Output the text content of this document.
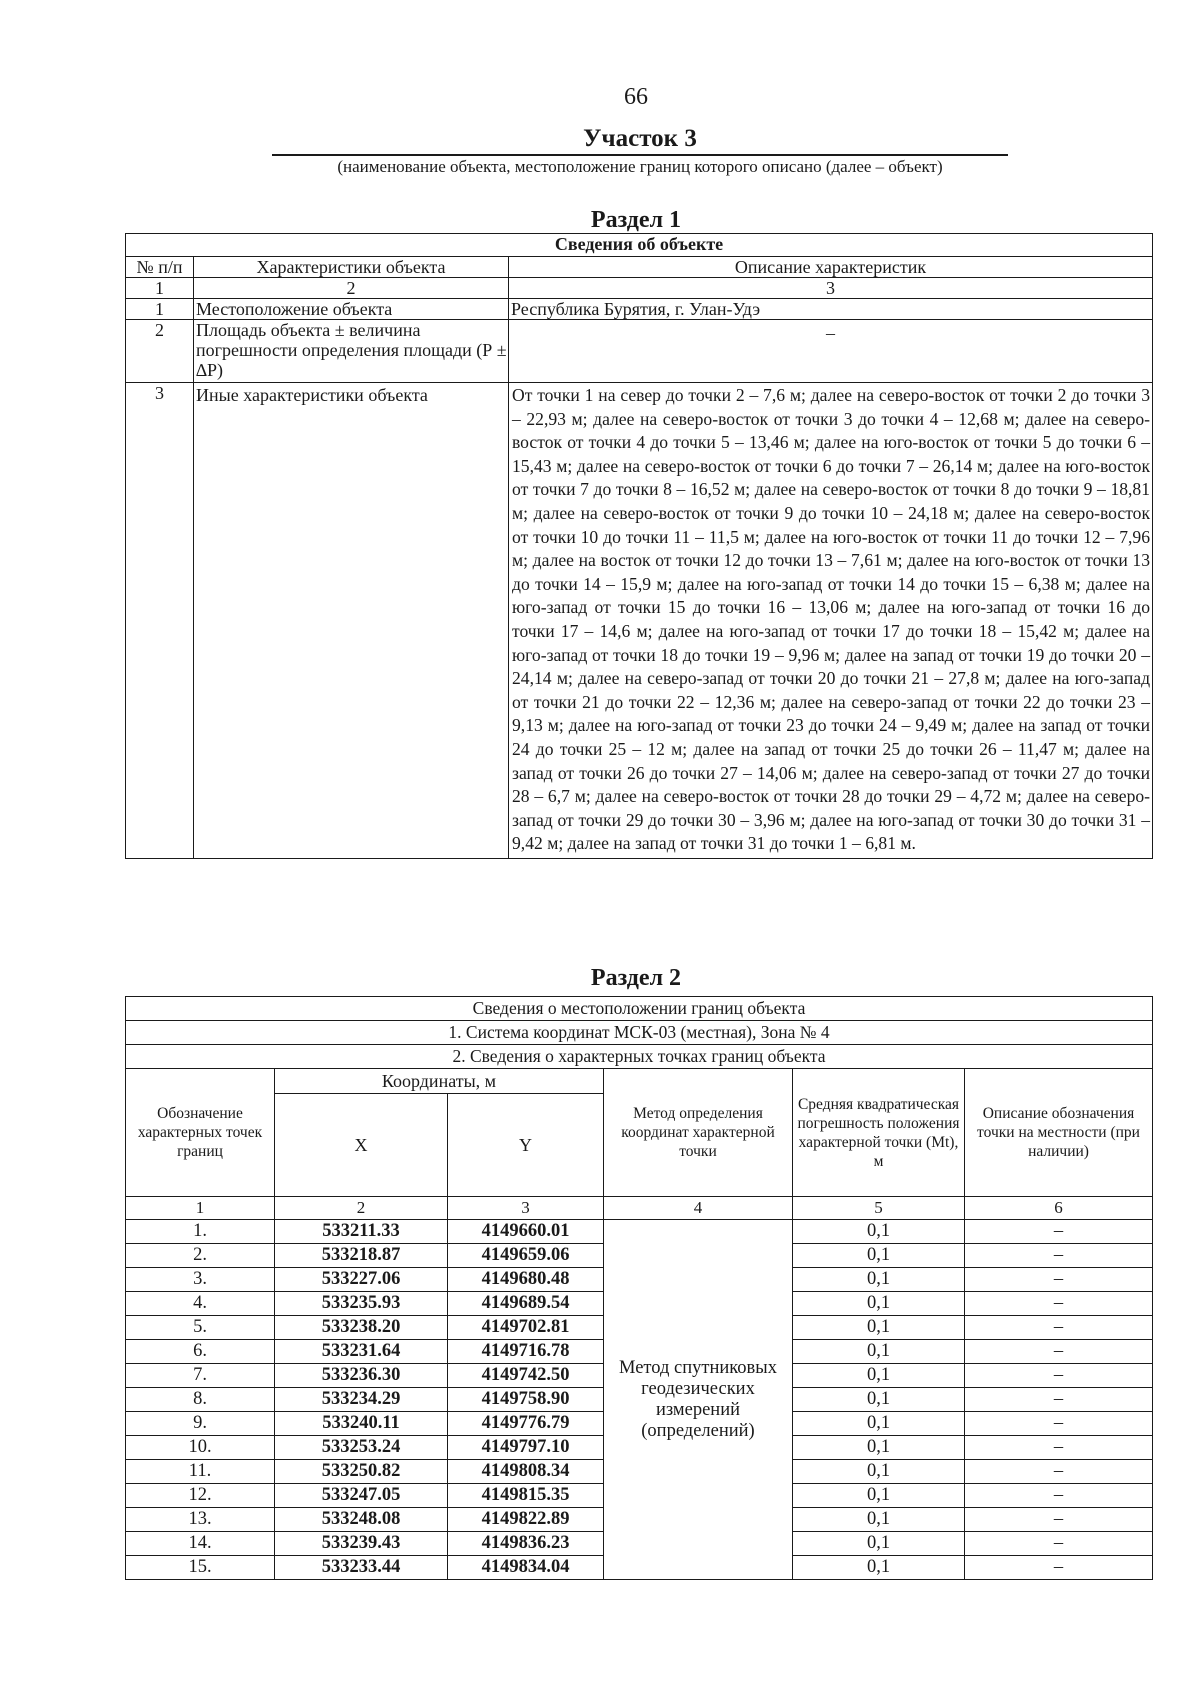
66
Участок 3
(наименование объекта, местоположение границ которого описано (далее – объект)
Раздел 1
Сведения об объекте		
№ п/п	Характеристики объекта	Описание характеристик
1	2	3
1	Местоположение объекта	Республика Бурятия, г. Улан-Удэ
2	Площадь объекта ± величина погрешности определения площади (Р ± ∆Р)	–
3	Иные характеристики объекта	От точки 1 на север до точки 2 – 7,6 м; далее на северо-восток от точки 2 до точки 3 – 22,93 м; далее на северо-восток от точки 3 до точки 4 – 12,68 м; далее на северо-восток от точки 4 до точки 5 – 13,46 м; далее на юго-восток от точки 5 до точки 6 – 15,43 м; далее на северо-восток от точки 6 до точки 7 – 26,14 м; далее на юго-восток от точки 7 до точки 8 – 16,52 м; далее на северо-восток от точки 8 до точки 9 – 18,81 м; далее на северо-восток от точки 9 до точки 10 – 24,18 м; далее на северо-восток от точки 10 до точки 11 – 11,5 м; далее на юго-восток от точки 11 до точки 12 – 7,96 м; далее на восток от точки 12 до точки 13 – 7,61 м; далее на юго-восток от точки 13 до точки 14 – 15,9 м; далее на юго-запад от точки 14 до точки 15 – 6,38 м; далее на юго-запад от точки 15 до точки 16 – 13,06 м; далее на юго-запад от точки 16 до точки 17 – 14,6 м; далее на юго-запад от точки 17 до точки 18 – 15,42 м; далее на юго-запад от точки 18 до точки 19 – 9,96 м; далее на запад от точки 19 до точки 20 – 24,14 м; далее на северо-запад от точки 20 до точки 21 – 27,8 м; далее на юго-запад от точки 21 до точки 22 – 12,36 м; далее на северо-запад от точки 22 до точки 23 – 9,13 м; далее на юго-запад от точки 23 до точки 24 – 9,49 м; далее на запад от точки 24 до точки 25 – 12 м; далее на запад от точки 25 до точки 26 – 11,47 м; далее на запад от точки 26 до точки 27 – 14,06 м; далее на северо-запад от точки 27 до точки 28 – 6,7 м; далее на северо-восток от точки 28 до точки 29 – 4,72 м; далее на северо-запад от точки 29 до точки 30 – 3,96 м; далее на юго-запад от точки 30 до точки 31 – 9,42 м; далее на запад от точки 31 до точки 1 – 6,81 м.
Раздел 2
Сведения о местоположении границ объекта					
1. Система координат МСК-03 (местная), Зона № 4					
2. Сведения о характерных точках границ объекта					
Обозначение характерных точек границ	Координаты, м		Метод определения координат характерной точки	Средняя квадратическая погрешность положения характерной точки (Mt), м	Описание обозначения точки на местности (при наличии)
	X	Y			
1	2	3	4	5	6
1.	533211.33	4149660.01	Метод спутниковых геодезических измерений (определений)	0,1	–
2.	533218.87	4149659.06		0,1	–
3.	533227.06	4149680.48		0,1	–
4.	533235.93	4149689.54		0,1	–
5.	533238.20	4149702.81		0,1	–
6.	533231.64	4149716.78		0,1	–
7.	533236.30	4149742.50		0,1	–
8.	533234.29	4149758.90		0,1	–
9.	533240.11	4149776.79		0,1	–
10.	533253.24	4149797.10		0,1	–
11.	533250.82	4149808.34		0,1	–
12.	533247.05	4149815.35		0,1	–
13.	533248.08	4149822.89		0,1	–
14.	533239.43	4149836.23		0,1	–
15.	533233.44	4149834.04		0,1	–
